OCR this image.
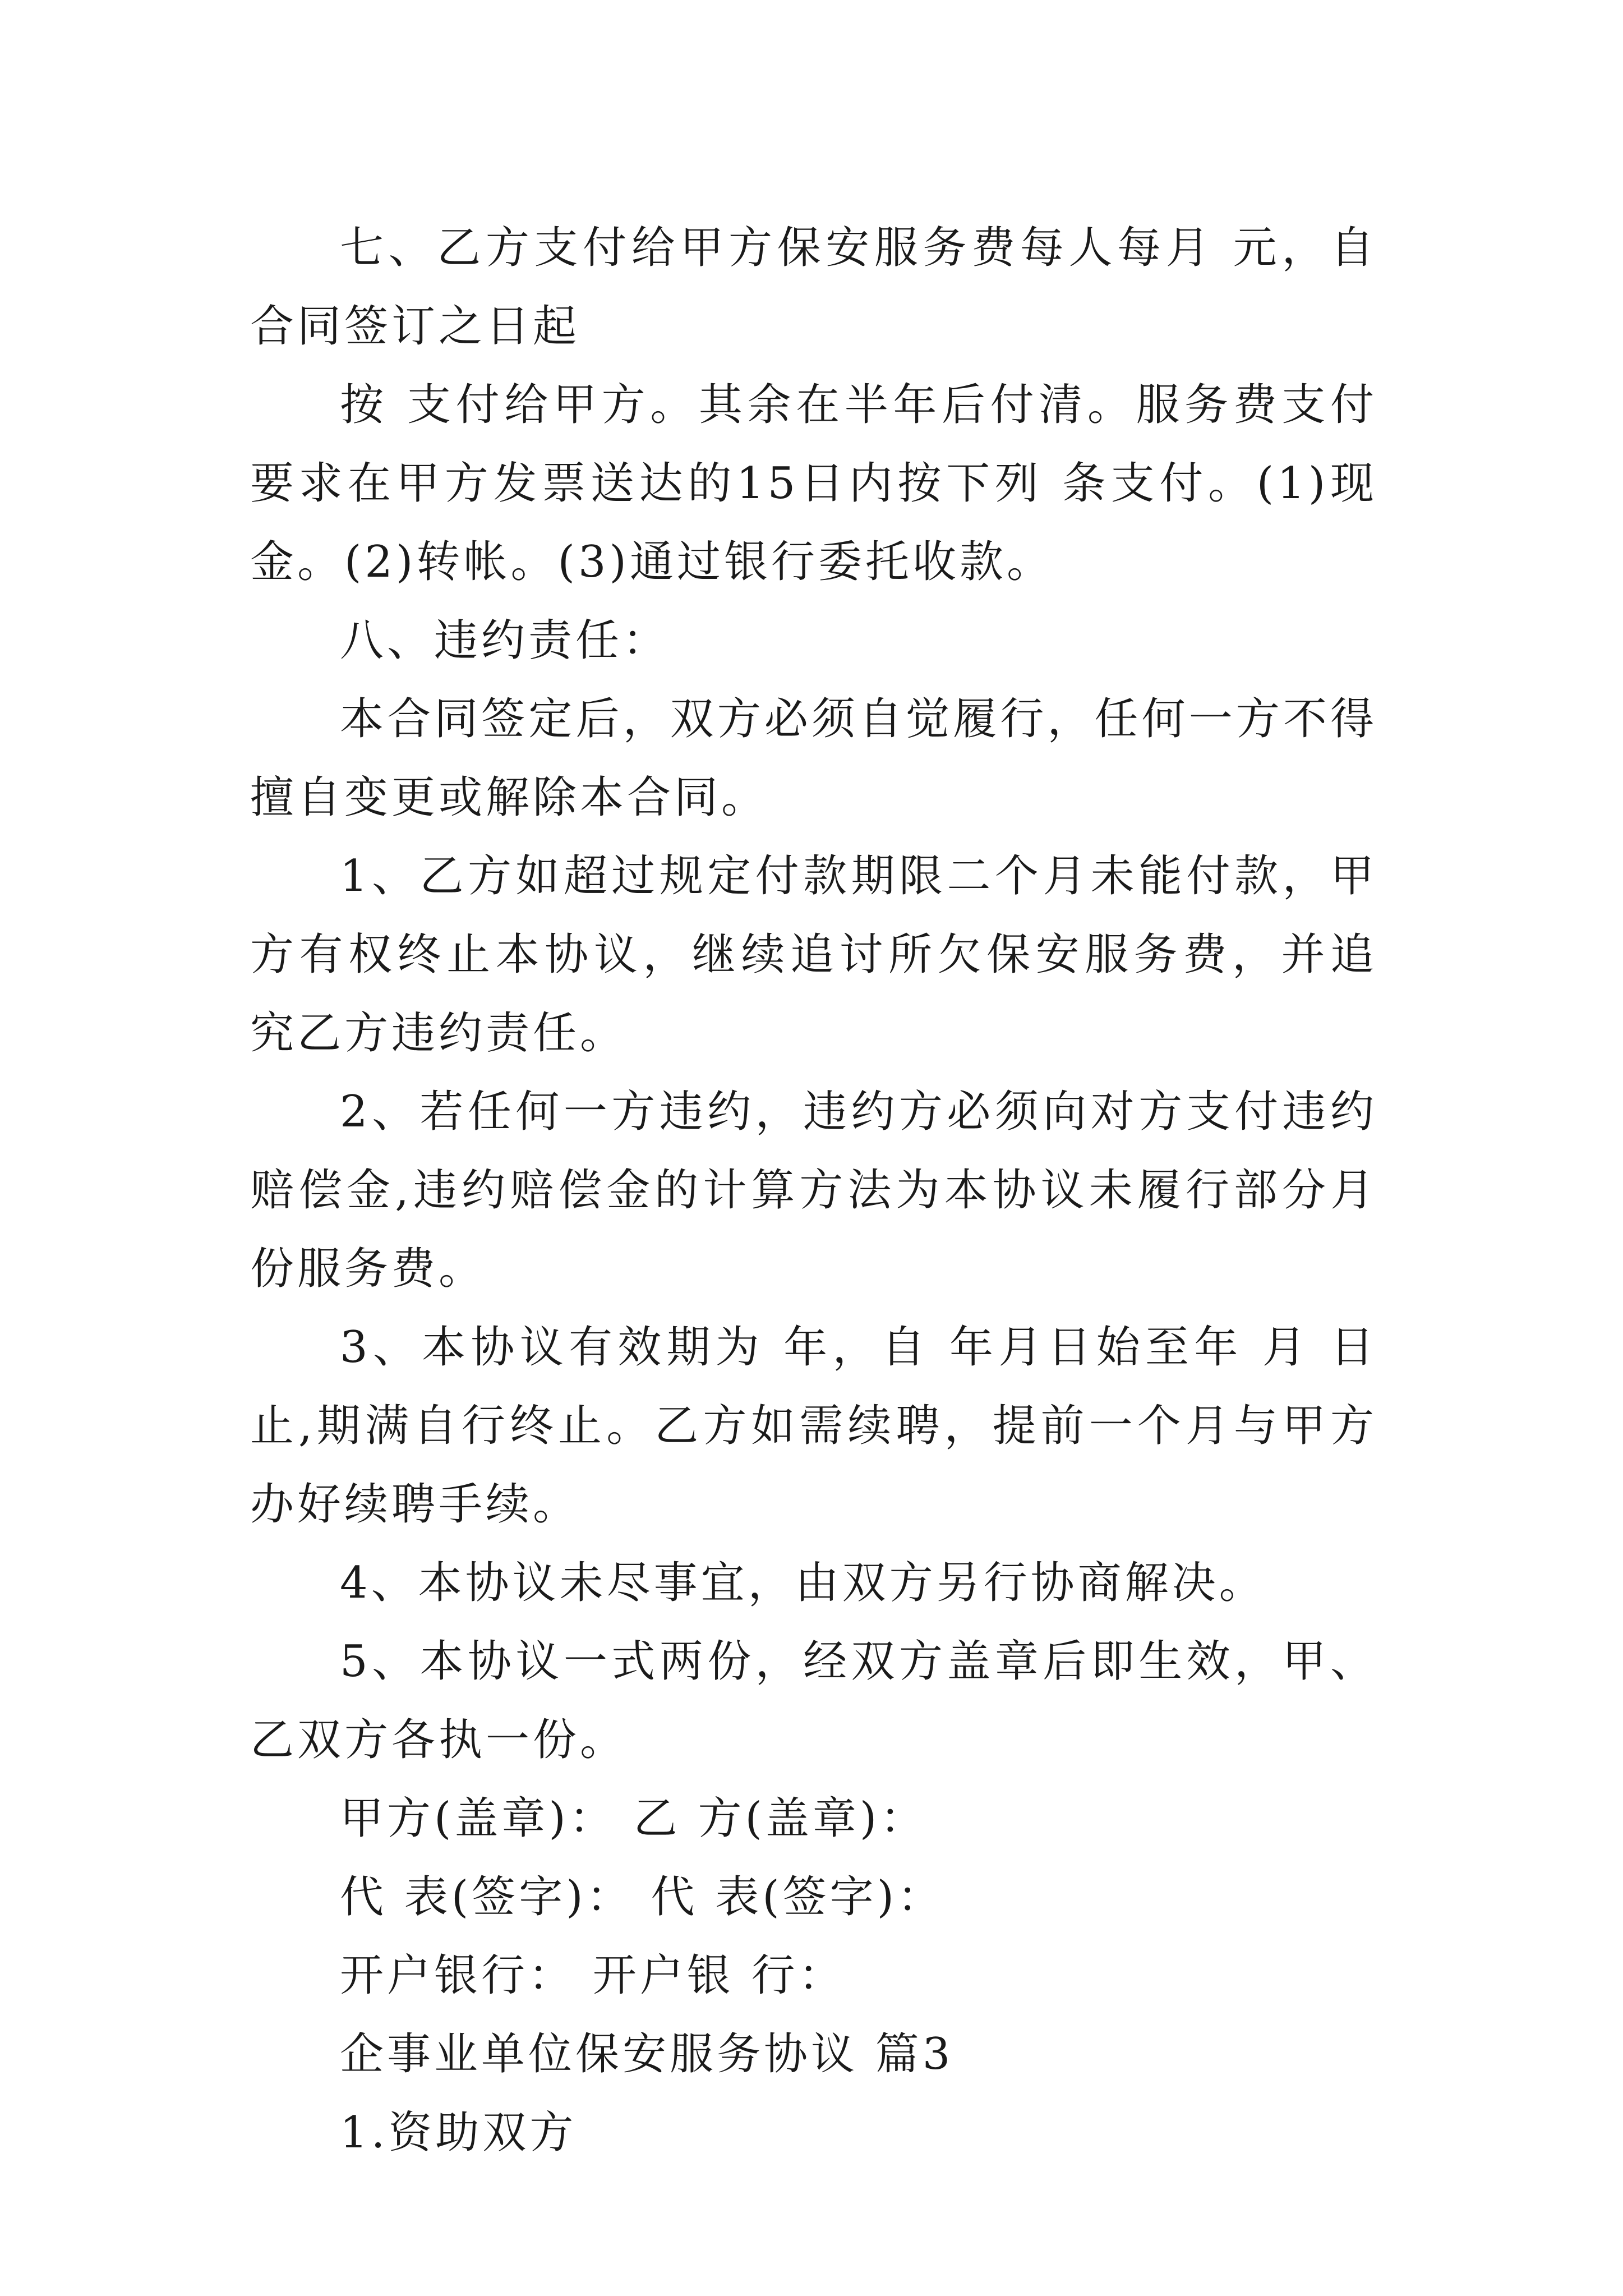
七、乙方支付给甲方保安服务费每人每月 元，自合同签订之日起

按 支付给甲方。其余在半年后付清。服务费支付要求在甲方发票送达的15日内按下列 条支付。(1)现金。(2)转帐。(3)通过银行委托收款。

八、违约责任：

本合同签定后，双方必须自觉履行，任何一方不得擅自变更或解除本合同。

1、乙方如超过规定付款期限二个月未能付款，甲方有权终止本协议，继续追讨所欠保安服务费，并追究乙方违约责任。

2、若任何一方违约，违约方必须向对方支付违约赔偿金,违约赔偿金的计算方法为本协议未履行部分月份服务费。

3、本协议有效期为 年，自 年月日始至年 月 日止,期满自行终止。乙方如需续聘，提前一个月与甲方办好续聘手续。

4、本协议未尽事宜，由双方另行协商解决。

5、本协议一式两份，经双方盖章后即生效，甲、乙双方各执一份。

甲方(盖章)： 乙 方(盖章)：

代 表(签字)： 代 表(签字)：

开户银行： 开户银 行：

企事业单位保安服务协议 篇3

1.资助双方
